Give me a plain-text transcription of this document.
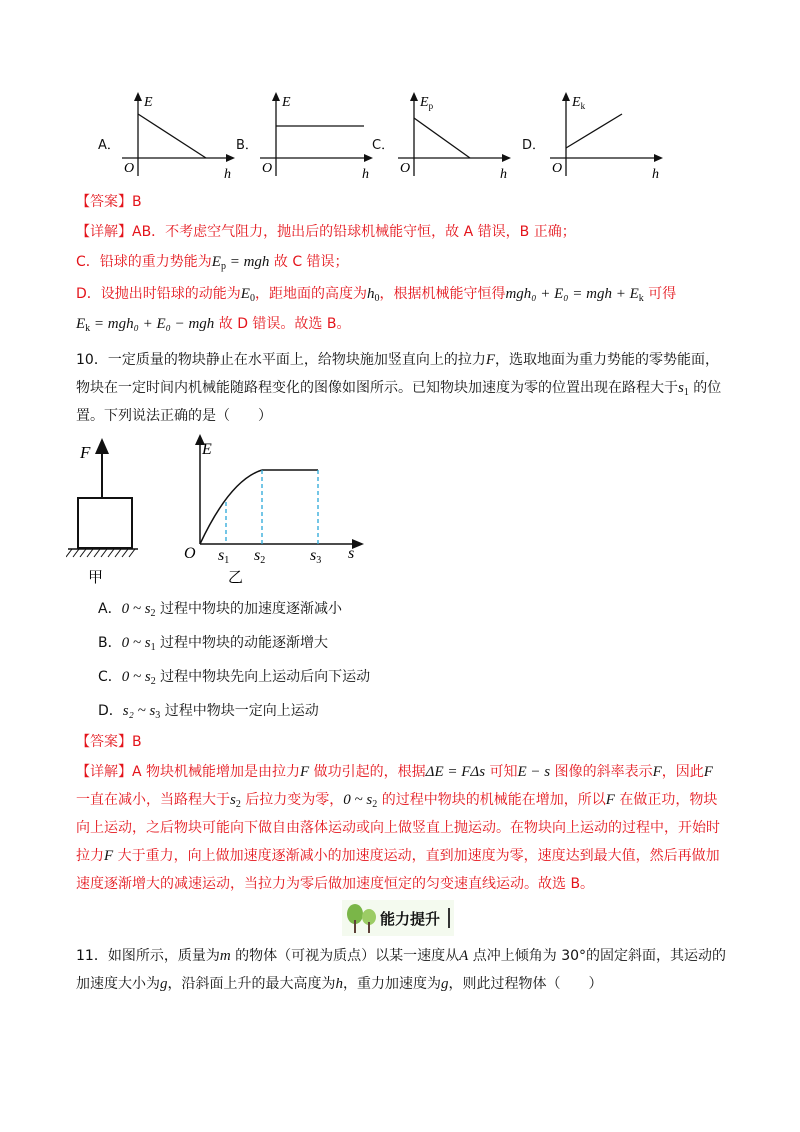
A．	B．	C．	D．
E
O	h
E
O	h
$E_p$
O	h
$E_k$
O	h
【答案】B
【详解】AB．不考虑空气阻力，抛出后的铅球机械能守恒，故 A 错误，B 正确；
C．铅球的重力势能为$E_p$ = mgh 故 C 错误；
D．设抛出时铅球的动能为$E_0$，距地面的高度为$h_0$，根据机械能守恒得mgh₀ + E₀ = mgh + $E_k$ 可得
$E_k = mgh_0 + E_0$ − mgh 故 D 错误。故选 B。
10．一定质量的物块静止在水平面上，给物块施加竖直向上的拉力F，选取地面为重力势能的零势能面，
物块在一定时间内机械能随路程变化的图像如图所示。已知物块加速度为零的位置出现在路程大于$s_1$ 的位
置。下列说法正确的是（　　）
F
甲
E
O s1 s2	s3 s
乙
A．0 ~ $s_2$ 过程中物块的加速度逐渐减小
B．0 ~ $s_1$ 过程中物块的动能逐渐增大
C．0 ~ $s_2$ 过程中物块先向上运动后向下运动
D．s₂ ~ $s_3$ 过程中物块一定向上运动
【答案】B
【详解】A 物块机械能增加是由拉力F 做功引起的，根据ΔE = FΔs 可知E − s 图像的斜率表示F，因此F
一直在减小，当路程大于$s_2$ 后拉力变为零，0 ~ $s_2$ 的过程中物块的机械能在增加，所以F 在做正功，物块
向上运动，之后物块可能向下做自由落体运动或向上做竖直上抛运动。在物块向上运动的过程中，开始时
拉力F 大于重力，向上做加速度逐渐减小的加速度运动，直到加速度为零，速度达到最大值，然后再做加
速度逐渐增大的减速运动，当拉力为零后做加速度恒定的匀变速直线运动。故选 B。
能力提升
11．如图所示，质量为m 的物体（可视为质点）以某一速度从A 点冲上倾角为 30°的固定斜面，其运动的
加速度大小为g，沿斜面上升的最大高度为h，重力加速度为g，则此过程物体（　　）
